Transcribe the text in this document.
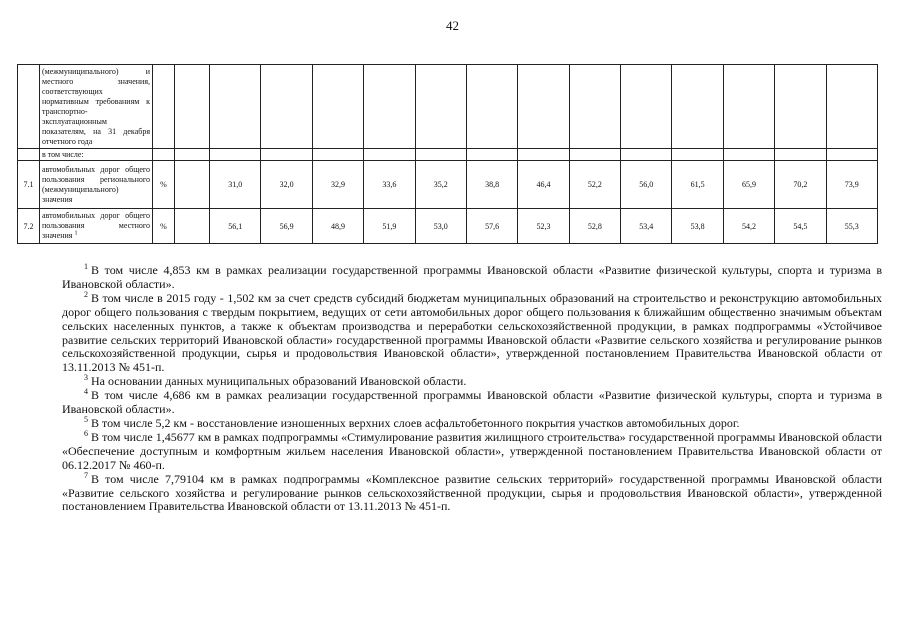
42
	(межмуниципального) и местного значения, соответствующих нормативным требованиям к транспортно-эксплуатационным показателям, на 31 декабря отчетного года															
	в том числе:															
7.1	автомобильных дорог общего пользования регионального (межмуниципального) значения	%		31,0	32,0	32,9	33,6	35,2	38,8	46,4	52,2	56,0	61,5	65,9	70,2	73,9
7.2	автомобильных дорог общего пользования местного значения $^1$	%		56,1	56,9	48,9	51,9	53,0	57,6	52,3	52,8	53,4	53,8	54,2	54,5	55,3

$^1$ В том числе 4,853 км в рамках реализации государственной программы Ивановской области «Развитие физической культуры, спорта и туризма в Ивановской области».

$^2$ В том числе в 2015 году - 1,502 км за счет средств субсидий бюджетам муниципальных образований на строительство и реконструкцию автомобильных дорог общего пользования с твердым покрытием, ведущих от сети автомобильных дорог общего пользования к ближайшим общественно значимым объектам сельских населенных пунктов, а также к объектам производства и переработки сельскохозяйственной продукции, в рамках подпрограммы «Устойчивое развитие сельских территорий Ивановской области» государственной программы Ивановской области «Развитие сельского хозяйства и регулирование рынков сельскохозяйственной продукции, сырья и продовольствия Ивановской области», утвержденной постановлением Правительства Ивановской области от 13.11.2013 № 451-п.

$^3$ На основании данных муниципальных образований Ивановской области.

$^4$ В том числе 4,686 км в рамках реализации государственной программы Ивановской области «Развитие физической культуры, спорта и туризма в Ивановской области».

$^5$ В том числе 5,2 км - восстановление изношенных верхних слоев асфальтобетонного покрытия участков автомобильных дорог.

$^6$ В том числе 1,45677 км в рамках подпрограммы «Стимулирование развития жилищного строительства» государственной программы Ивановской области «Обеспечение доступным и комфортным жильем населения Ивановской области», утвержденной постановлением Правительства Ивановской области от 06.12.2017 № 460-п.

$^7$ В том числе 7,79104 км в рамках подпрограммы «Комплексное развитие сельских территорий» государственной программы Ивановской области «Развитие сельского хозяйства и регулирование рынков сельскохозяйственной продукции, сырья и продовольствия Ивановской области», утвержденной постановлением Правительства Ивановской области от 13.11.2013 № 451-п.
